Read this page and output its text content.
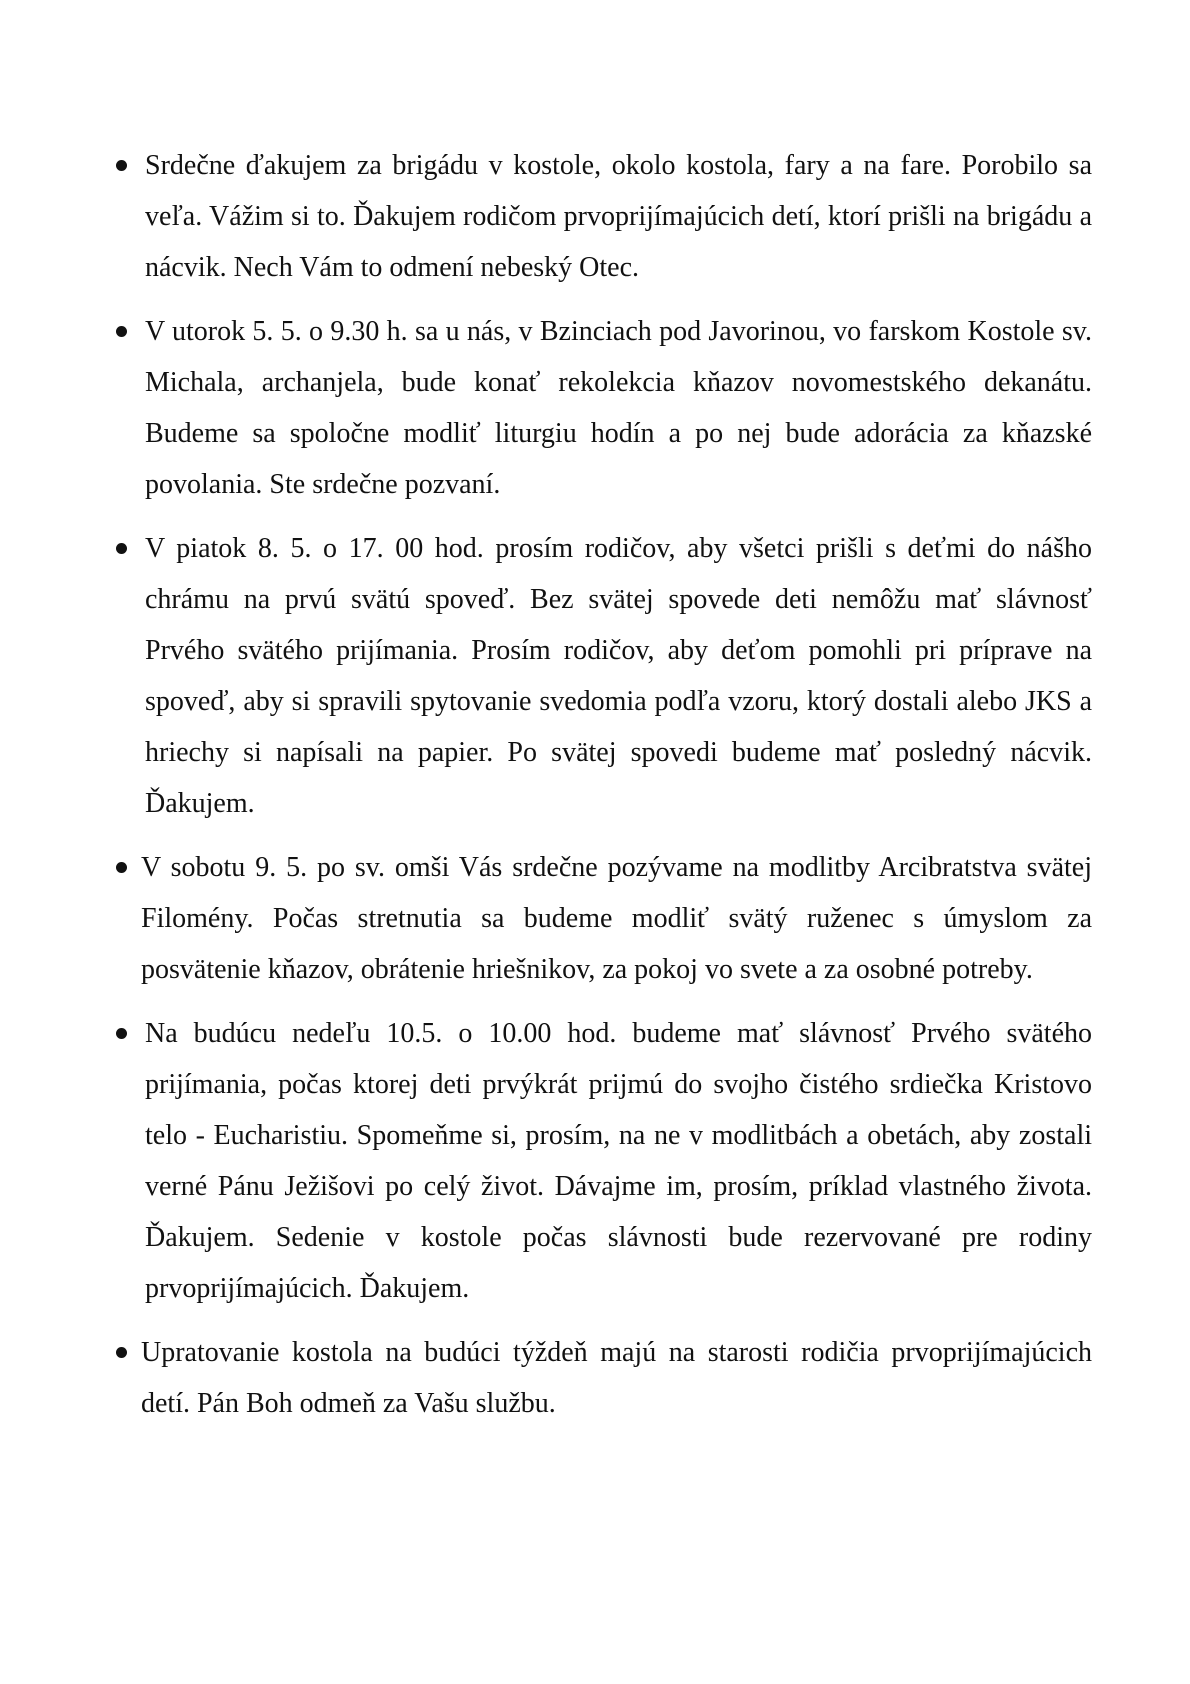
Srdečne ďakujem za brigádu v kostole, okolo kostola, fary a na fare. Porobilo sa veľa. Vážim si to. Ďakujem rodičom prvoprijímajúcich detí, ktorí prišli na brigádu a nácvik. Nech Vám to odmení nebeský Otec.
V utorok 5. 5. o 9.30 h. sa u nás, v Bzinciach pod Javorinou, vo farskom Kostole sv. Michala, archanjela, bude konať rekolekcia kňazov novomestského dekanátu. Budeme sa spoločne modliť liturgiu hodín a po nej bude adorácia za kňazské povolania. Ste srdečne pozvaní.
V piatok 8. 5. o 17. 00 hod. prosím rodičov, aby všetci prišli s deťmi do nášho chrámu na prvú svätú spoveď. Bez svätej spovede deti nemôžu mať slávnosť Prvého svätého prijímania. Prosím rodičov, aby deťom pomohli pri príprave na spoveď, aby si spravili spytovanie svedomia podľa vzoru, ktorý dostali alebo JKS a hriechy si napísali na papier. Po svätej spovedi budeme mať posledný nácvik. Ďakujem.
V sobotu 9. 5. po sv. omši Vás srdečne pozývame na modlitby Arcibratstva svätej Filomény. Počas stretnutia sa budeme modliť svätý ruženec s úmyslom za posvätenie kňazov, obrátenie hriešnikov, za pokoj vo svete a za osobné potreby.
Na budúcu nedeľu 10.5. o 10.00 hod. budeme mať slávnosť Prvého svätého prijímania, počas ktorej deti prvýkrát prijmú do svojho čistého srdiečka Kristovo telo - Eucharistiu. Spomeňme si, prosím, na ne v modlitbách a obetách, aby zostali verné Pánu Ježišovi po celý život. Dávajme im, prosím, príklad vlastného života. Ďakujem. Sedenie v kostole počas slávnosti bude rezervované pre rodiny prvoprijímajúcich. Ďakujem.
Upratovanie kostola na budúci týždeň majú na starosti rodičia prvoprijímajúcich detí. Pán Boh odmeň za Vašu službu.
